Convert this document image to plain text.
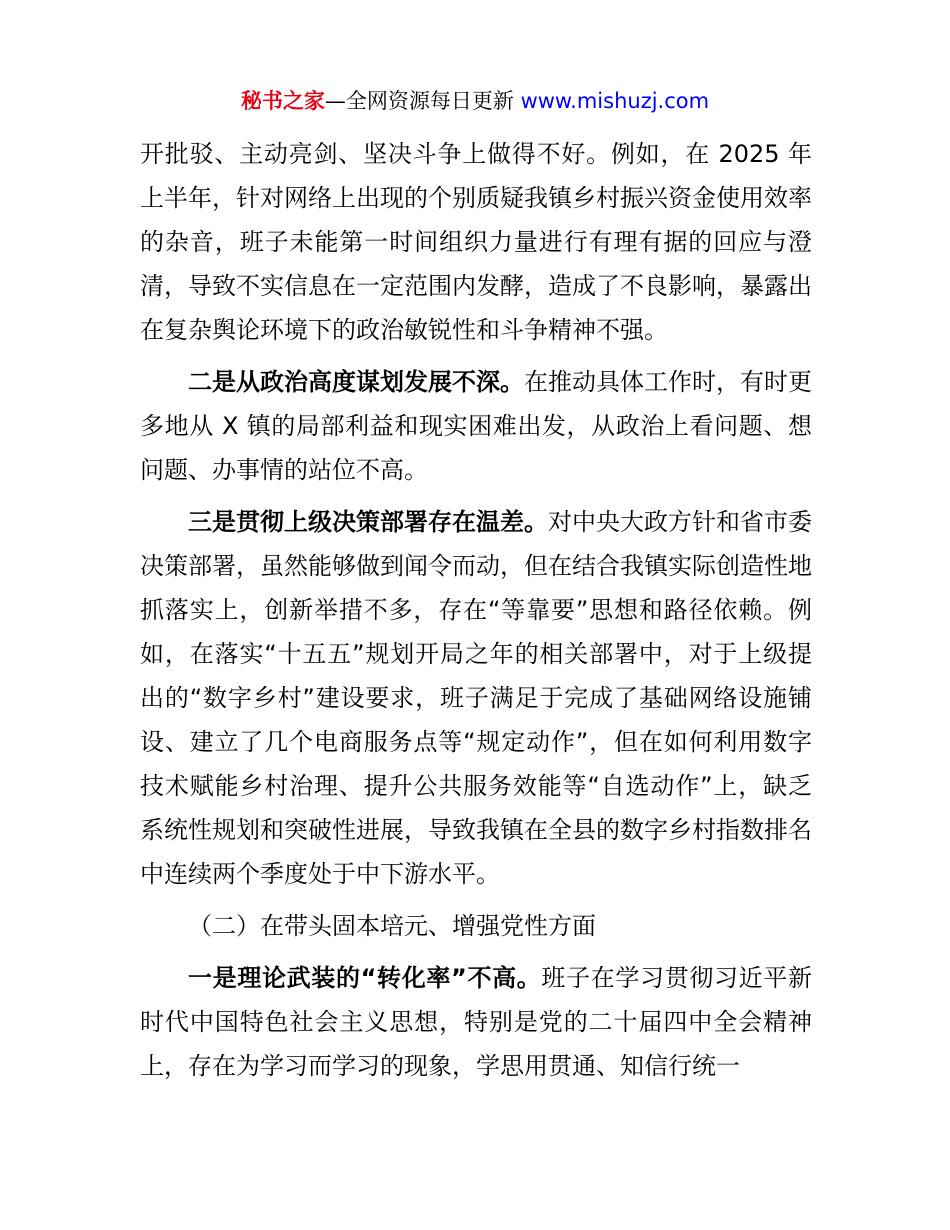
秘书之家—全网资源每日更新 www.mishuzj.com

开批驳、主动亮剑、坚决斗争上做得不好。例如，在 2025 年上半年，针对网络上出现的个别质疑我镇乡村振兴资金使用效率的杂音，班子未能第一时间组织力量进行有理有据的回应与澄清，导致不实信息在一定范围内发酵，造成了不良影响，暴露出在复杂舆论环境下的政治敏锐性和斗争精神不强。

二是从政治高度谋划发展不深。在推动具体工作时，有时更多地从 X 镇的局部利益和现实困难出发，从政治上看问题、想问题、办事情的站位不高。

三是贯彻上级决策部署存在温差。对中央大政方针和省市委决策部署，虽然能够做到闻令而动，但在结合我镇实际创造性地抓落实上，创新举措不多，存在“等靠要”思想和路径依赖。例如，在落实“十五五”规划开局之年的相关部署中，对于上级提出的“数字乡村”建设要求，班子满足于完成了基础网络设施铺设、建立了几个电商服务点等“规定动作”，但在如何利用数字技术赋能乡村治理、提升公共服务效能等“自选动作”上，缺乏系统性规划和突破性进展，导致我镇在全县的数字乡村指数排名中连续两个季度处于中下游水平。

（二）在带头固本培元、增强党性方面

一是理论武装的“转化率”不高。班子在学习贯彻习近平新时代中国特色社会主义思想，特别是党的二十届四中全会精神上，存在为学习而学习的现象，学思用贯通、知信行统一
